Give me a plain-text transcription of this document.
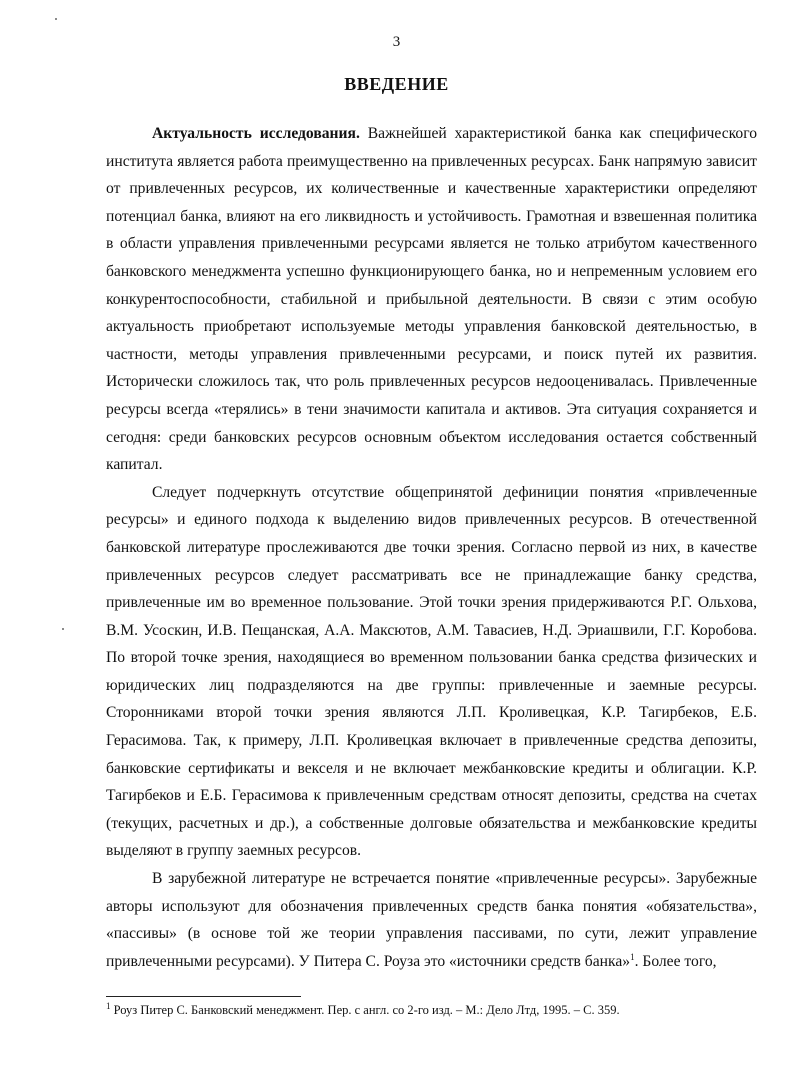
3
ВВЕДЕНИЕ

Актуальность исследования. Важнейшей характеристикой банка как специфического института является работа преимущественно на привлеченных ресурсах. Банк напрямую зависит от привлеченных ресурсов, их количественные и качественные характеристики определяют потенциал банка, влияют на его ликвидность и устойчивость. Грамотная и взвешенная политика в области управления привлеченными ресурсами является не только атрибутом качественного банковского менеджмента успешно функционирующего банка, но и непременным условием его конкурентоспособности, стабильной и прибыльной деятельности. В связи с этим особую актуальность приобретают используемые методы управления банковской деятельностью, в частности, методы управления привлеченными ресурсами, и поиск путей их развития. Исторически сложилось так, что роль привлеченных ресурсов недооценивалась. Привлеченные ресурсы всегда «терялись» в тени значимости капитала и активов. Эта ситуация сохраняется и сегодня: среди банковских ресурсов основным объектом исследования остается собственный капитал.

Следует подчеркнуть отсутствие общепринятой дефиниции понятия «привлеченные ресурсы» и единого подхода к выделению видов привлеченных ресурсов. В отечественной банковской литературе прослеживаются две точки зрения. Согласно первой из них, в качестве привлеченных ресурсов следует рассматривать все не принадлежащие банку средства, привлеченные им во временное пользование. Этой точки зрения придерживаются Р.Г. Ольхова, В.М. Усоскин, И.В. Пещанская, А.А. Максютов, А.М. Тавасиев, Н.Д. Эриашвили, Г.Г. Коробова. По второй точке зрения, находящиеся во временном пользовании банка средства физических и юридических лиц подразделяются на две группы: привлеченные и заемные ресурсы. Сторонниками второй точки зрения являются Л.П. Кроливецкая, К.Р. Тагирбеков, Е.Б. Герасимова. Так, к примеру, Л.П. Кроливецкая включает в привлеченные средства депозиты, банковские сертификаты и векселя и не включает межбанковские кредиты и облигации. К.Р. Тагирбеков и Е.Б. Герасимова к привлеченным средствам относят депозиты, средства на счетах (текущих, расчетных и др.), а собственные долговые обязательства и межбанковские кредиты выделяют в группу заемных ресурсов.

В зарубежной литературе не встречается понятие «привлеченные ресурсы». Зарубежные авторы используют для обозначения привлеченных средств банка понятия «обязательства», «пассивы» (в основе той же теории управления пассивами, по сути, лежит управление привлеченными ресурсами). У Питера С. Роуза это «источники средств банка»$^1$. Более того,

$^1$ Роуз Питер С. Банковский менеджмент. Пер. с англ. со 2-го изд. – М.: Дело Лтд, 1995. – С. 359.
